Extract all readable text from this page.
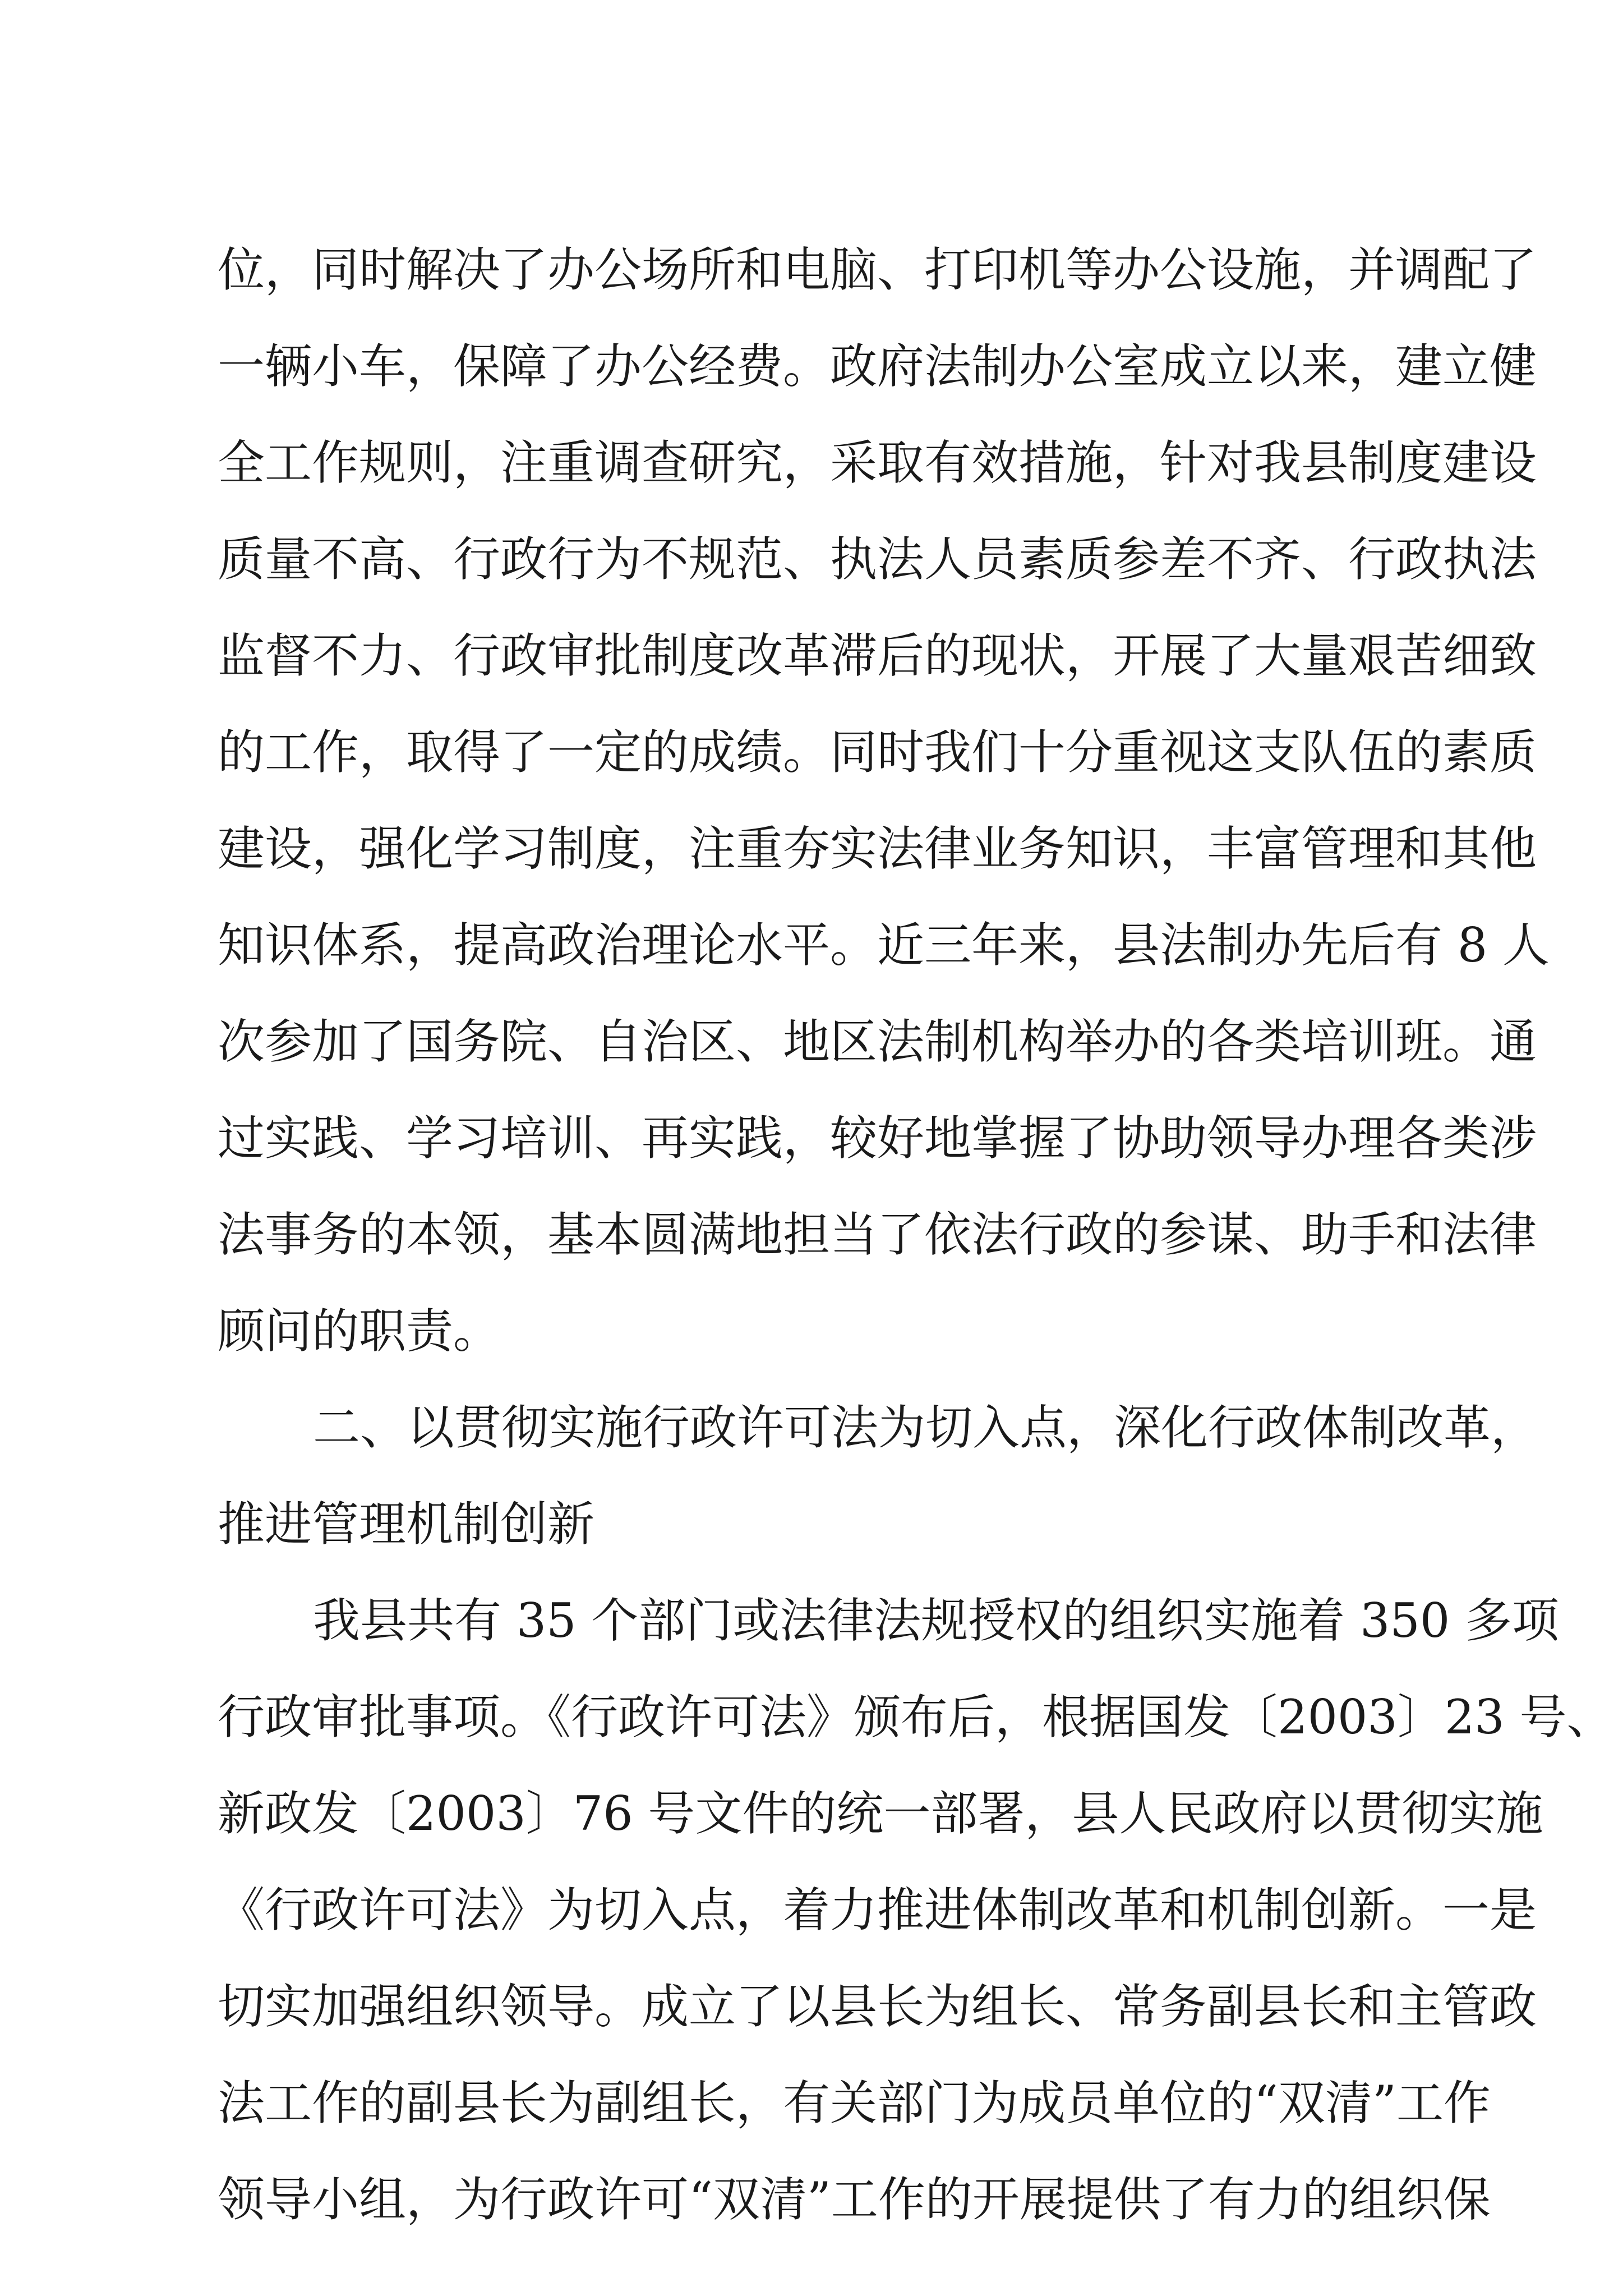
位，同时解决了办公场所和电脑、打印机等办公设施，并调配了
一辆小车，保障了办公经费。政府法制办公室成立以来，建立健
全工作规则，注重调查研究，采取有效措施，针对我县制度建设
质量不高、行政行为不规范、执法人员素质参差不齐、行政执法
监督不力、行政审批制度改革滞后的现状，开展了大量艰苦细致
的工作，取得了一定的成绩。同时我们十分重视这支队伍的素质
建设，强化学习制度，注重夯实法律业务知识，丰富管理和其他
知识体系，提高政治理论水平。近三年来，县法制办先后有 8 人
次参加了国务院、自治区、地区法制机构举办的各类培训班。通
过实践、学习培训、再实践，较好地掌握了协助领导办理各类涉
法事务的本领，基本圆满地担当了依法行政的参谋、助手和法律
顾问的职责。
二、以贯彻实施行政许可法为切入点，深化行政体制改革，
推进管理机制创新
我县共有 35 个部门或法律法规授权的组织实施着 350 多项
行政审批事项。《行政许可法》颁布后，根据国发〔2003〕23 号、
新政发〔2003〕76 号文件的统一部署，县人民政府以贯彻实施
《行政许可法》为切入点，着力推进体制改革和机制创新。一是
切实加强组织领导。成立了以县长为组长、常务副县长和主管政
法工作的副县长为副组长，有关部门为成员单位的“双清”工作
领导小组，为行政许可“双清”工作的开展提供了有力的组织保
